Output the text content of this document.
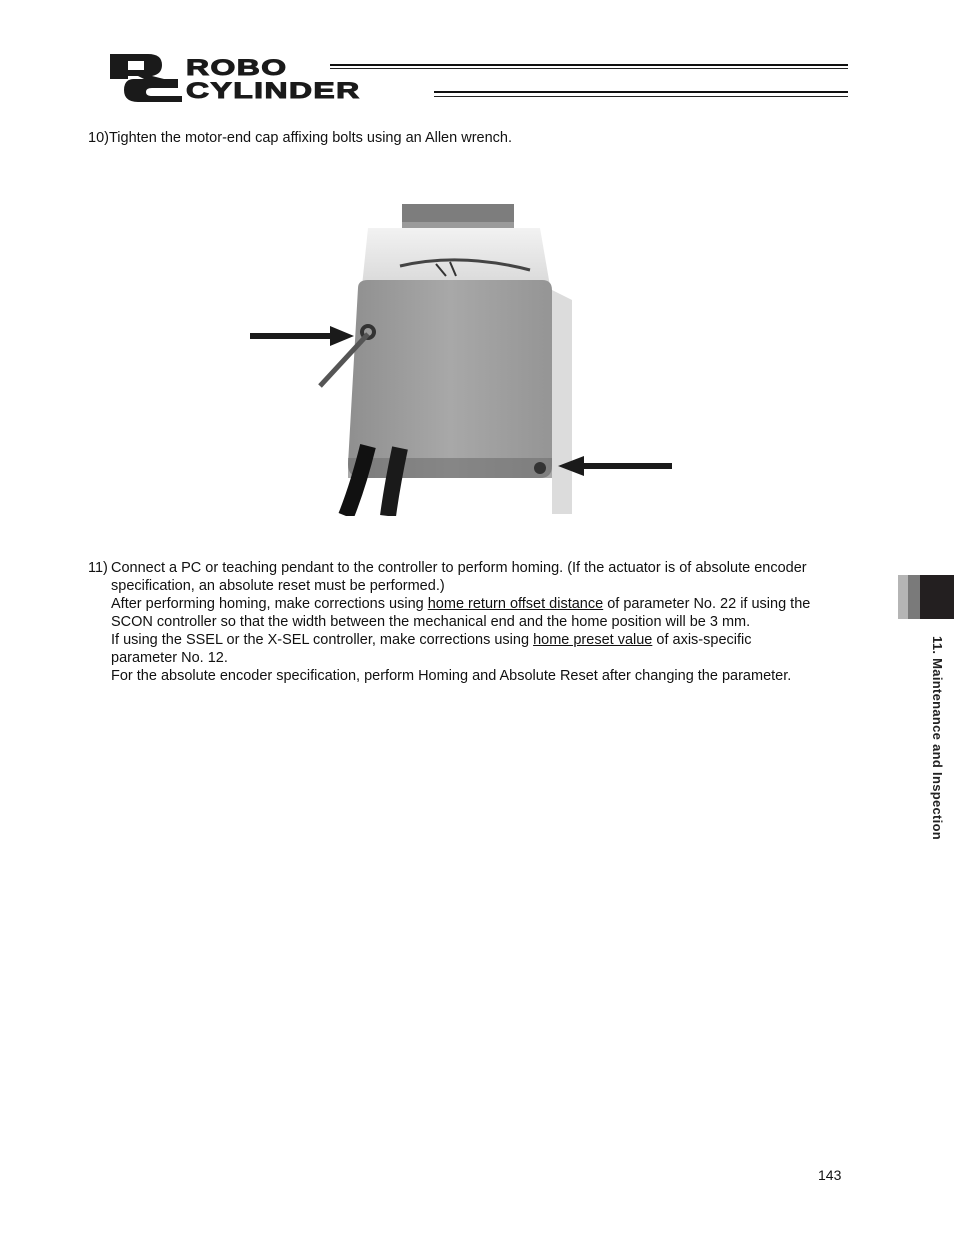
ROBO
CYLINDER
10)Tighten the motor-end cap affixing bolts using an Allen wrench.
11) Connect a PC or teaching pendant to the controller to perform homing. (If the actuator is of absolute encoder

specification, an absolute reset must be performed.)

After performing homing, make corrections using home return offset distance of parameter No. 22 if using the

SCON controller so that the width between the mechanical end and the home position will be 3 mm.

If using the SSEL or the X-SEL controller, make corrections using home preset value of axis-specific

parameter No. 12.

For the absolute encoder specification, perform Homing and Absolute Reset after changing the parameter.	11. Maintenance and Inspection
143
